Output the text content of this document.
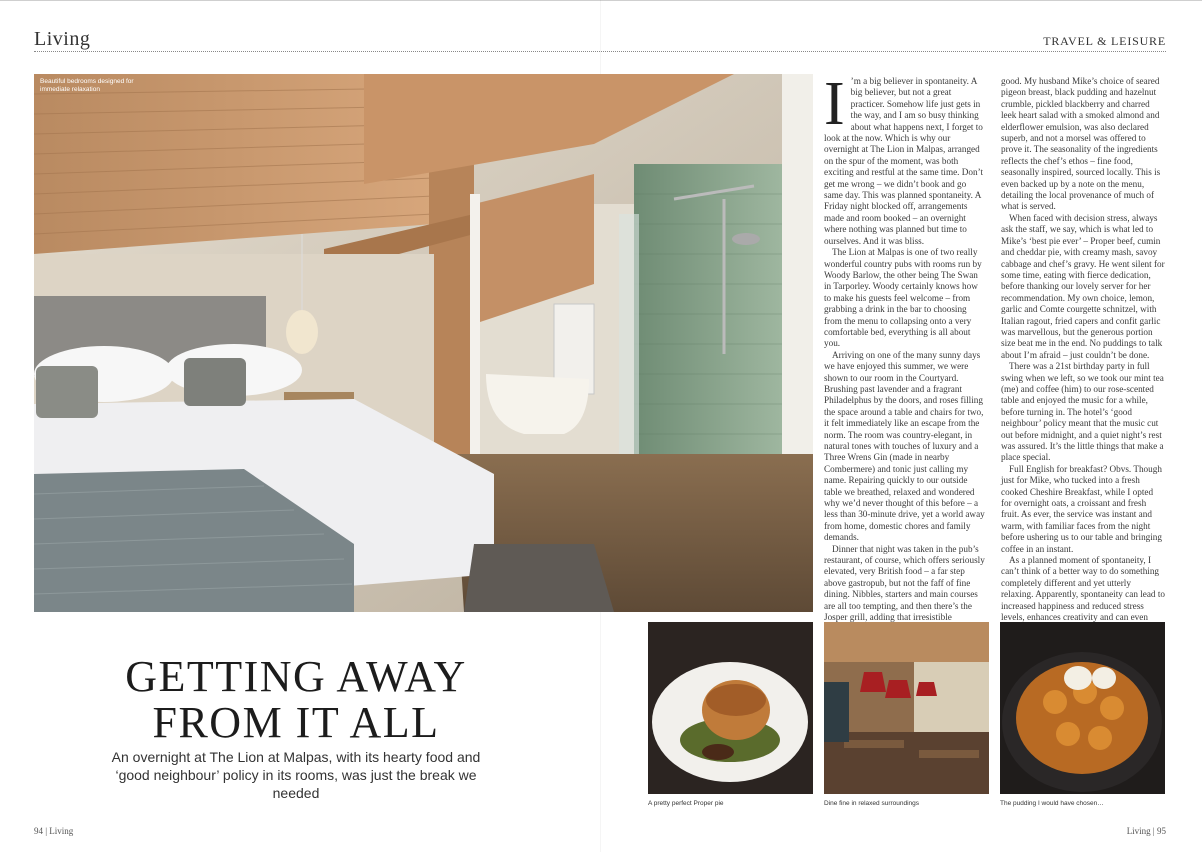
Living	TRAVEL & LEISURE
Beautiful bedrooms designed for immediate relaxation	I ’m a big believer in spontaneity. A big believer, but not a great practicer. Somehow life just gets in the way, and I am so busy thinking about what happens next, I forget to look at the now. Which is why our overnight at The Lion in Malpas, arranged on the spur of the moment, was both exciting and restful at the same time. Don’t get me wrong – we didn’t book and go same day. This was planned spontaneity. A Friday night blocked off, arrangements made and room booked – an overnight where nothing was planned but time to ourselves. And it was bliss.

The Lion at Malpas is one of two really wonderful country pubs with rooms run by Woody Barlow, the other being The Swan in Tarporley. Woody certainly knows how to make his guests feel welcome – from grabbing a drink in the bar to choosing from the menu to collapsing onto a very comfortable bed, everything is all about you.

Arriving on one of the many sunny days we have enjoyed this summer, we were shown to our room in the Courtyard. Brushing past lavender and a fragrant Philadelphus by the doors, and roses filling the space around a table and chairs for two, it felt immediately like an escape from the norm. The room was country-elegant, in natural tones with touches of luxury and a Three Wrens Gin (made in nearby Combermere) and tonic just calling my name. Repairing quickly to our outside table we breathed, relaxed and wondered why we’d never thought of this before – a less than 30-minute drive, yet a world away from home, domestic chores and family demands.

Dinner that night was taken in the pub’s restaurant, of course, which offers seriously elevated, very British food – a far step above gastropub, but not the faff of fine dining. Nibbles, starters and main courses are all too tempting, and then there’s the Josper grill, adding that irresistible

good. My husband Mike’s choice of seared pigeon breast, black pudding and hazelnut crumble, pickled blackberry and charred leek heart salad with a smoked almond and elderflower emulsion, was also declared superb, and not a morsel was offered to prove it. The seasonality of the ingredients reflects the chef’s ethos – fine food, seasonally inspired, sourced locally. This is even backed up by a note on the menu, detailing the local provenance of much of what is served.

When faced with decision stress, always ask the staff, we say, which is what led to Mike’s ‘best pie ever’ – Proper beef, cumin and cheddar pie, with creamy mash, savoy cabbage and chef’s gravy. He went silent for some time, eating with fierce dedication, before thanking our lovely server for her recommendation. My own choice, lemon, garlic and Comte courgette schnitzel, with Italian ragout, fried capers and confit garlic was marvellous, but the generous portion size beat me in the end. No puddings to talk about I’m afraid – just couldn’t be done.

There was a 21st birthday party in full swing when we left, so we took our mint tea (me) and coffee (him) to our rose-scented table and enjoyed the music for a while, before turning in. The hotel’s ‘good neighbour’ policy meant that the music cut out before midnight, and a quiet night’s rest was assured. It’s the little things that make a place special.

Full English for breakfast? Obvs. Though just for Mike, who tucked into a fresh cooked Cheshire Breakfast, while I opted for overnight oats, a croissant and fresh fruit. As ever, the service was instant and warm, with familiar faces from the night before ushering us to our table and bringing coffee in an instant.

As a planned moment of spontaneity, I can’t think of a better way to do something completely different and yet utterly relaxing. Apparently, spontaneity can lead to increased happiness and reduced stress levels, enhances creativity and can even

GETTING AWAY
FROM IT ALL
An overnight at The Lion at Malpas, with its hearty food and ‘good neighbour’ policy in its rooms, was just the break we needed
A pretty perfect Proper pie	Dine fine in relaxed surroundings	The pudding I would have chosen…
94 | Living	Living | 95
